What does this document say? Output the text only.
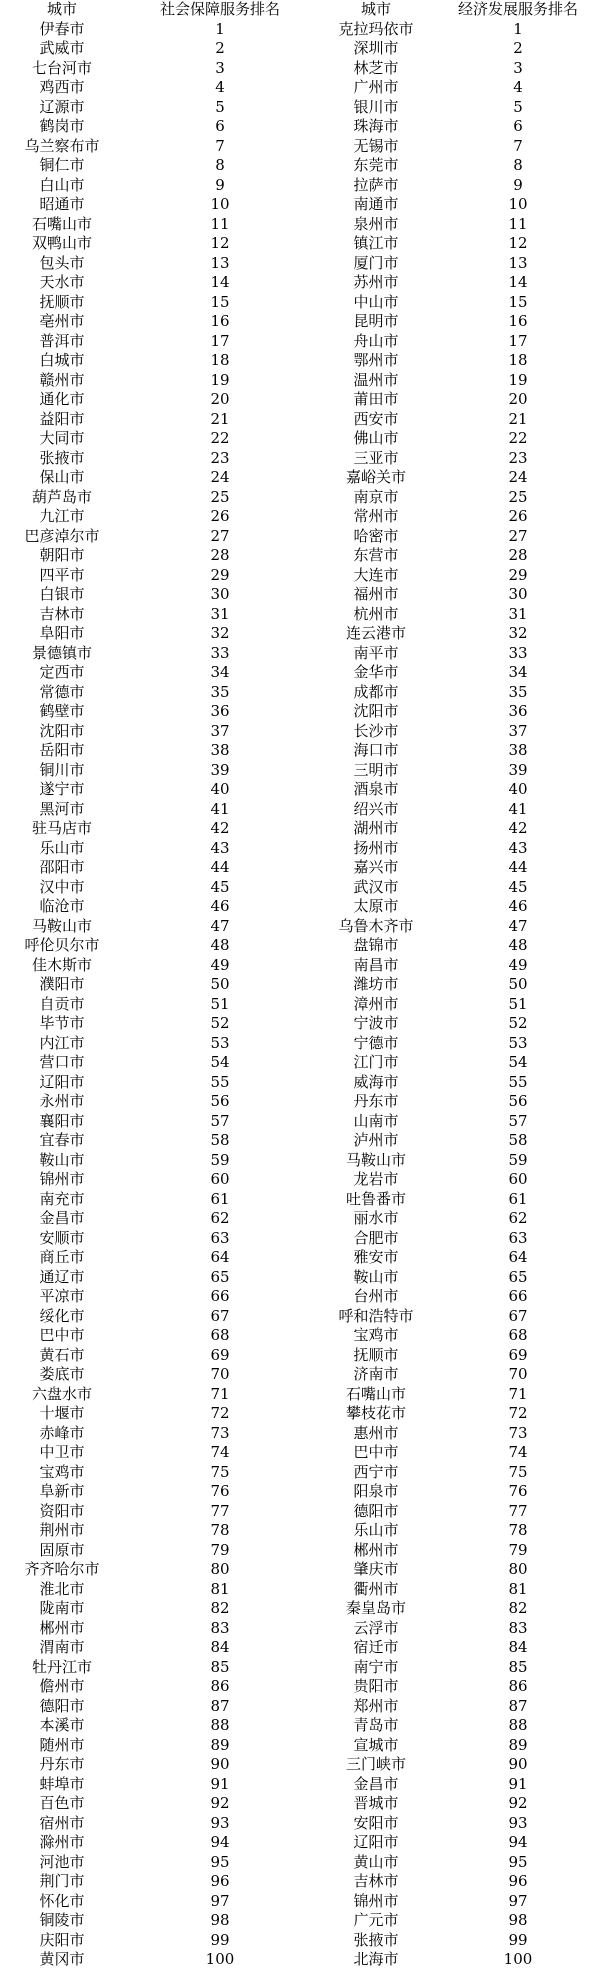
城市	社会保障服务排名	城市	经济发展服务排名
伊春市	1	克拉玛依市	1
武威市	2	深圳市	2
七台河市	3	林芝市	3
鸡西市	4	广州市	4
辽源市	5	银川市	5
鹤岗市	6	珠海市	6
乌兰察布市	7	无锡市	7
铜仁市	8	东莞市	8
白山市	9	拉萨市	9
昭通市	10	南通市	10
石嘴山市	11	泉州市	11
双鸭山市	12	镇江市	12
包头市	13	厦门市	13
天水市	14	苏州市	14
抚顺市	15	中山市	15
亳州市	16	昆明市	16
普洱市	17	舟山市	17
白城市	18	鄂州市	18
赣州市	19	温州市	19
通化市	20	莆田市	20
益阳市	21	西安市	21
大同市	22	佛山市	22
张掖市	23	三亚市	23
保山市	24	嘉峪关市	24
葫芦岛市	25	南京市	25
九江市	26	常州市	26
巴彦淖尔市	27	哈密市	27
朝阳市	28	东营市	28
四平市	29	大连市	29
白银市	30	福州市	30
吉林市	31	杭州市	31
阜阳市	32	连云港市	32
景德镇市	33	南平市	33
定西市	34	金华市	34
常德市	35	成都市	35
鹤壁市	36	沈阳市	36
沈阳市	37	长沙市	37
岳阳市	38	海口市	38
铜川市	39	三明市	39
遂宁市	40	酒泉市	40
黑河市	41	绍兴市	41
驻马店市	42	湖州市	42
乐山市	43	扬州市	43
邵阳市	44	嘉兴市	44
汉中市	45	武汉市	45
临沧市	46	太原市	46
马鞍山市	47	乌鲁木齐市	47
呼伦贝尔市	48	盘锦市	48
佳木斯市	49	南昌市	49
濮阳市	50	潍坊市	50
自贡市	51	漳州市	51
毕节市	52	宁波市	52
内江市	53	宁德市	53
营口市	54	江门市	54
辽阳市	55	威海市	55
永州市	56	丹东市	56
襄阳市	57	山南市	57
宜春市	58	泸州市	58
鞍山市	59	马鞍山市	59
锦州市	60	龙岩市	60
南充市	61	吐鲁番市	61
金昌市	62	丽水市	62
安顺市	63	合肥市	63
商丘市	64	雅安市	64
通辽市	65	鞍山市	65
平凉市	66	台州市	66
绥化市	67	呼和浩特市	67
巴中市	68	宝鸡市	68
黄石市	69	抚顺市	69
娄底市	70	济南市	70
六盘水市	71	石嘴山市	71
十堰市	72	攀枝花市	72
赤峰市	73	惠州市	73
中卫市	74	巴中市	74
宝鸡市	75	西宁市	75
阜新市	76	阳泉市	76
资阳市	77	德阳市	77
荆州市	78	乐山市	78
固原市	79	郴州市	79
齐齐哈尔市	80	肇庆市	80
淮北市	81	衢州市	81
陇南市	82	秦皇岛市	82
郴州市	83	云浮市	83
渭南市	84	宿迁市	84
牡丹江市	85	南宁市	85
儋州市	86	贵阳市	86
德阳市	87	郑州市	87
本溪市	88	青岛市	88
随州市	89	宣城市	89
丹东市	90	三门峡市	90
蚌埠市	91	金昌市	91
百色市	92	晋城市	92
宿州市	93	安阳市	93
滁州市	94	辽阳市	94
河池市	95	黄山市	95
荆门市	96	吉林市	96
怀化市	97	锦州市	97
铜陵市	98	广元市	98
庆阳市	99	张掖市	99
黄冈市	100	北海市	100
